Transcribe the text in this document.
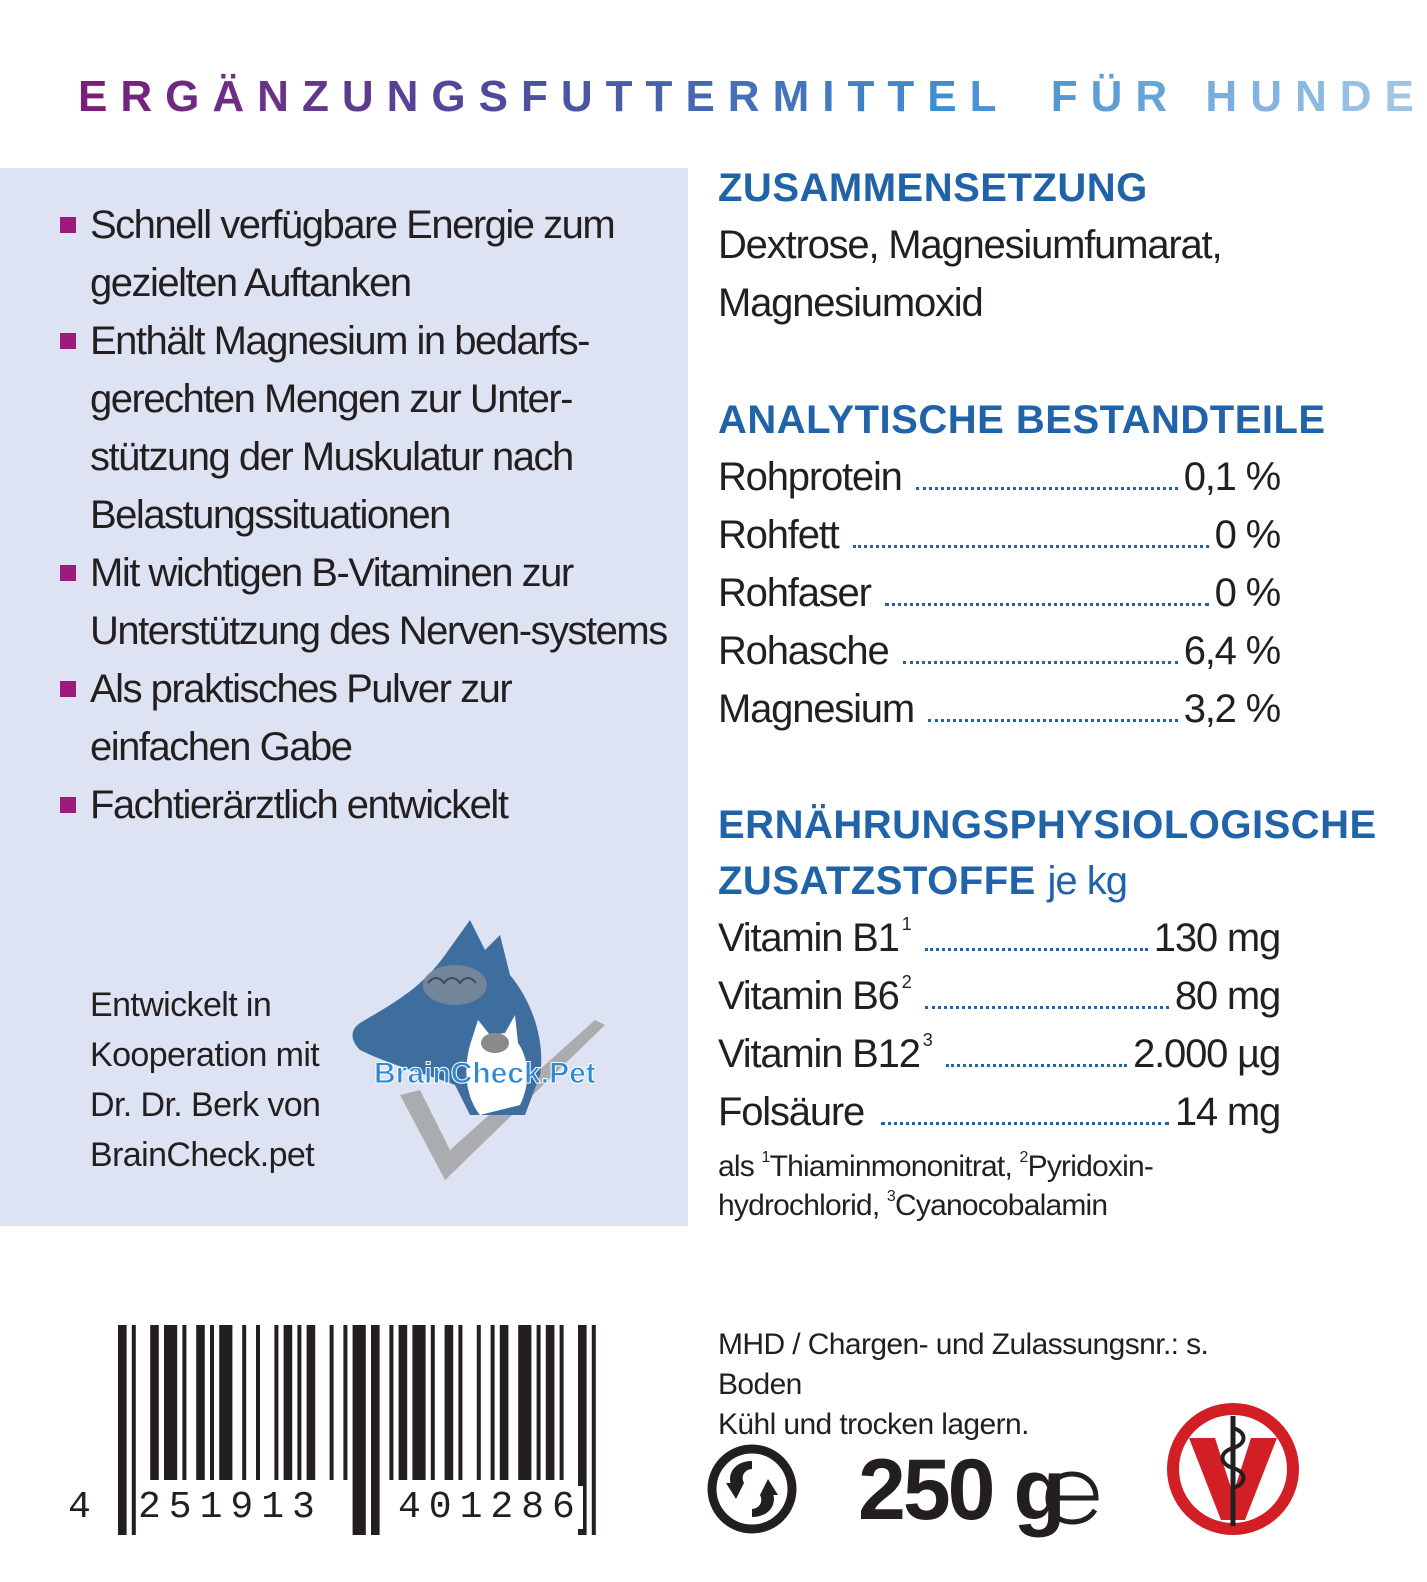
ERGÄNZUNGSFUTTERMITTEL FÜR HUNDE
Schnell verfügbare Energie zum gezielten Auftanken
Enthält Magnesium in bedarfs-gerechten Mengen zur Unter-stützung der Muskulatur nach Belastungssituationen
Mit wichtigen B-Vitaminen zur Unterstützung des Nerven-systems
Als praktisches Pulver zur einfachen Gabe
Fachtierärztlich entwickelt
Entwickelt in
Kooperation mit
Dr. Dr. Berk von
BrainCheck.pet
BrainCheck.Pet
ZUSAMMENSETZUNG
Dextrose, Magnesiumfumarat,
Magnesiumoxid
ANALYTISCHE BESTANDTEILE
Rohprotein	0,1 %
Rohfett	0 %
Rohfaser	0 %
Rohasche	6,4 %
Magnesium	3,2 %
ERNÄHRUNGSPHYSIOLOGISCHE
ZUSATZSTOFFE je kg
Vitamin B1 $^1$	130 mg
Vitamin B6 $^2$	80 mg
Vitamin B12 $^3$	2.000 µg
Folsäure	14 mg
als $^1$Thiaminmononitrat, $^2$Pyridoxin-
hydrochlorid, $^3$Cyanocobalamin
MHD / Chargen- und Zulassungsnr.: s. Boden
Kühl und trocken lagern.
4 251913 401286	250 g
